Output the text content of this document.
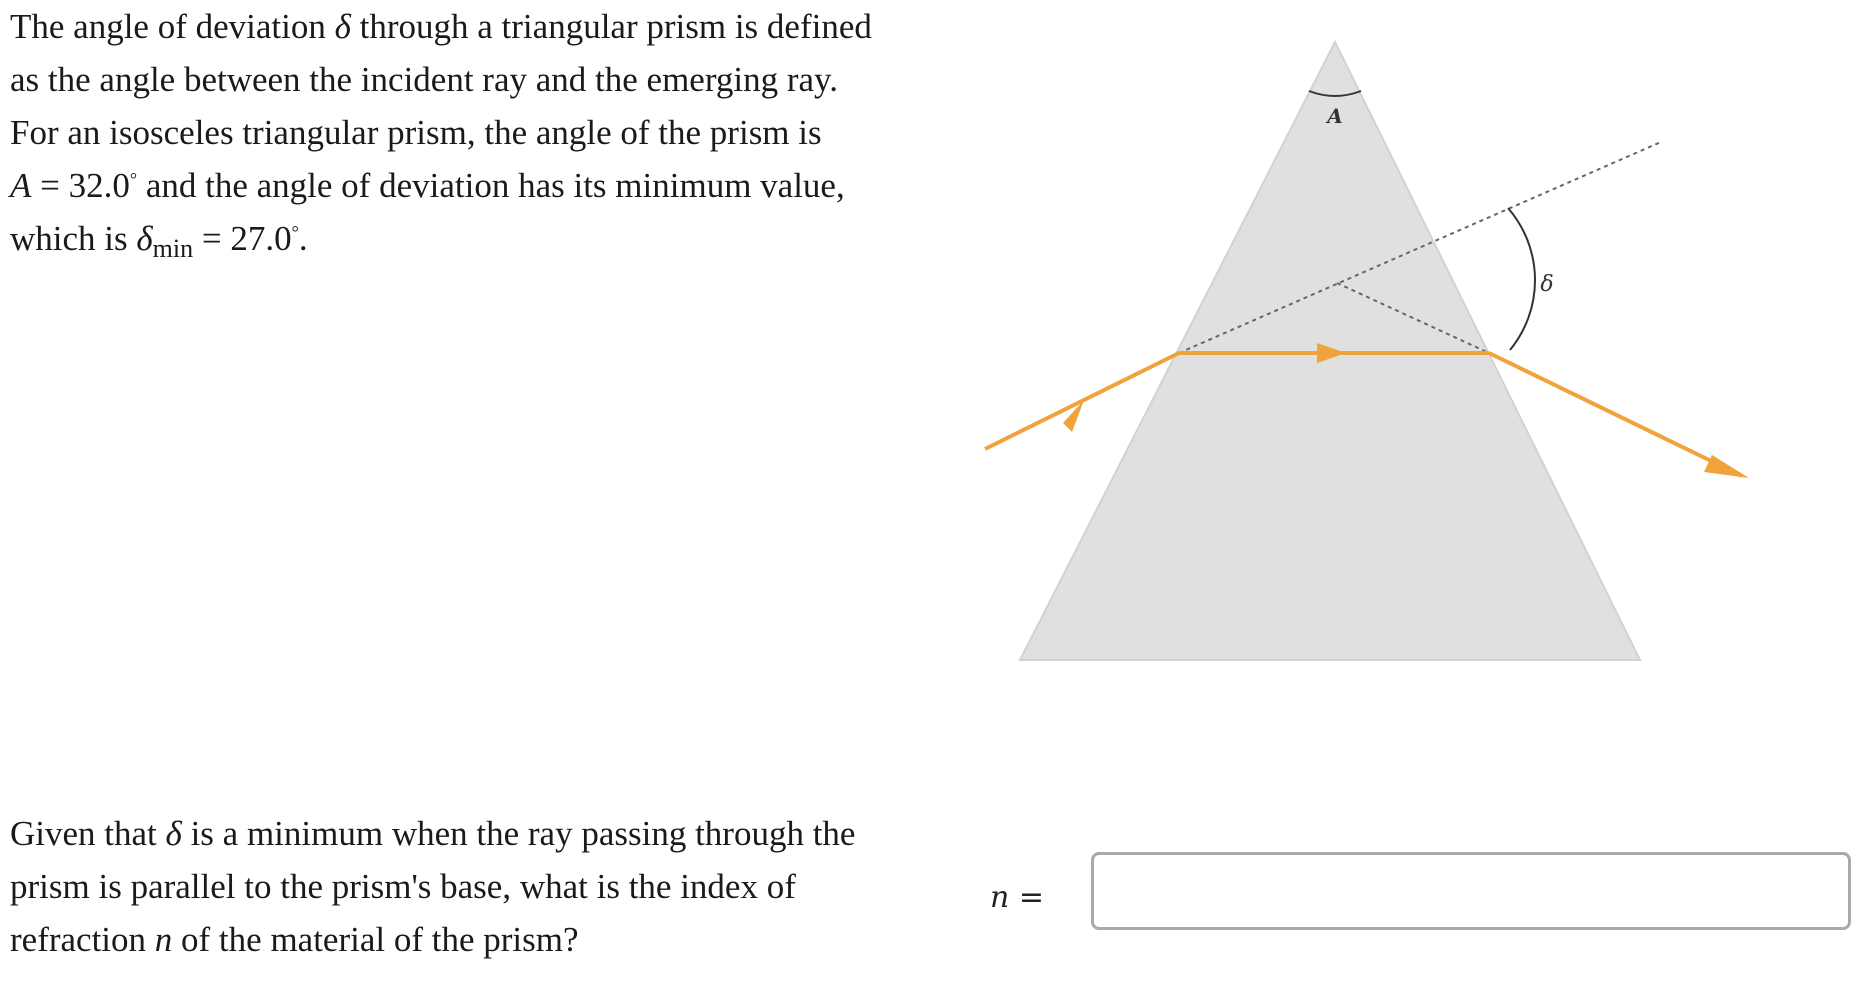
The angle of deviation δ through a triangular prism is defined
as the angle between the incident ray and the emerging ray.
For an isosceles triangular prism, the angle of the prism is
A = 32.0° and the angle of deviation has its minimum value,
which is $\delta_{min} = 27.0^\circ$.
A
δ
Given that δ is a minimum when the ray passing through the
prism is parallel to the prism's base, what is the index of
refraction n of the material of the prism?
n =
